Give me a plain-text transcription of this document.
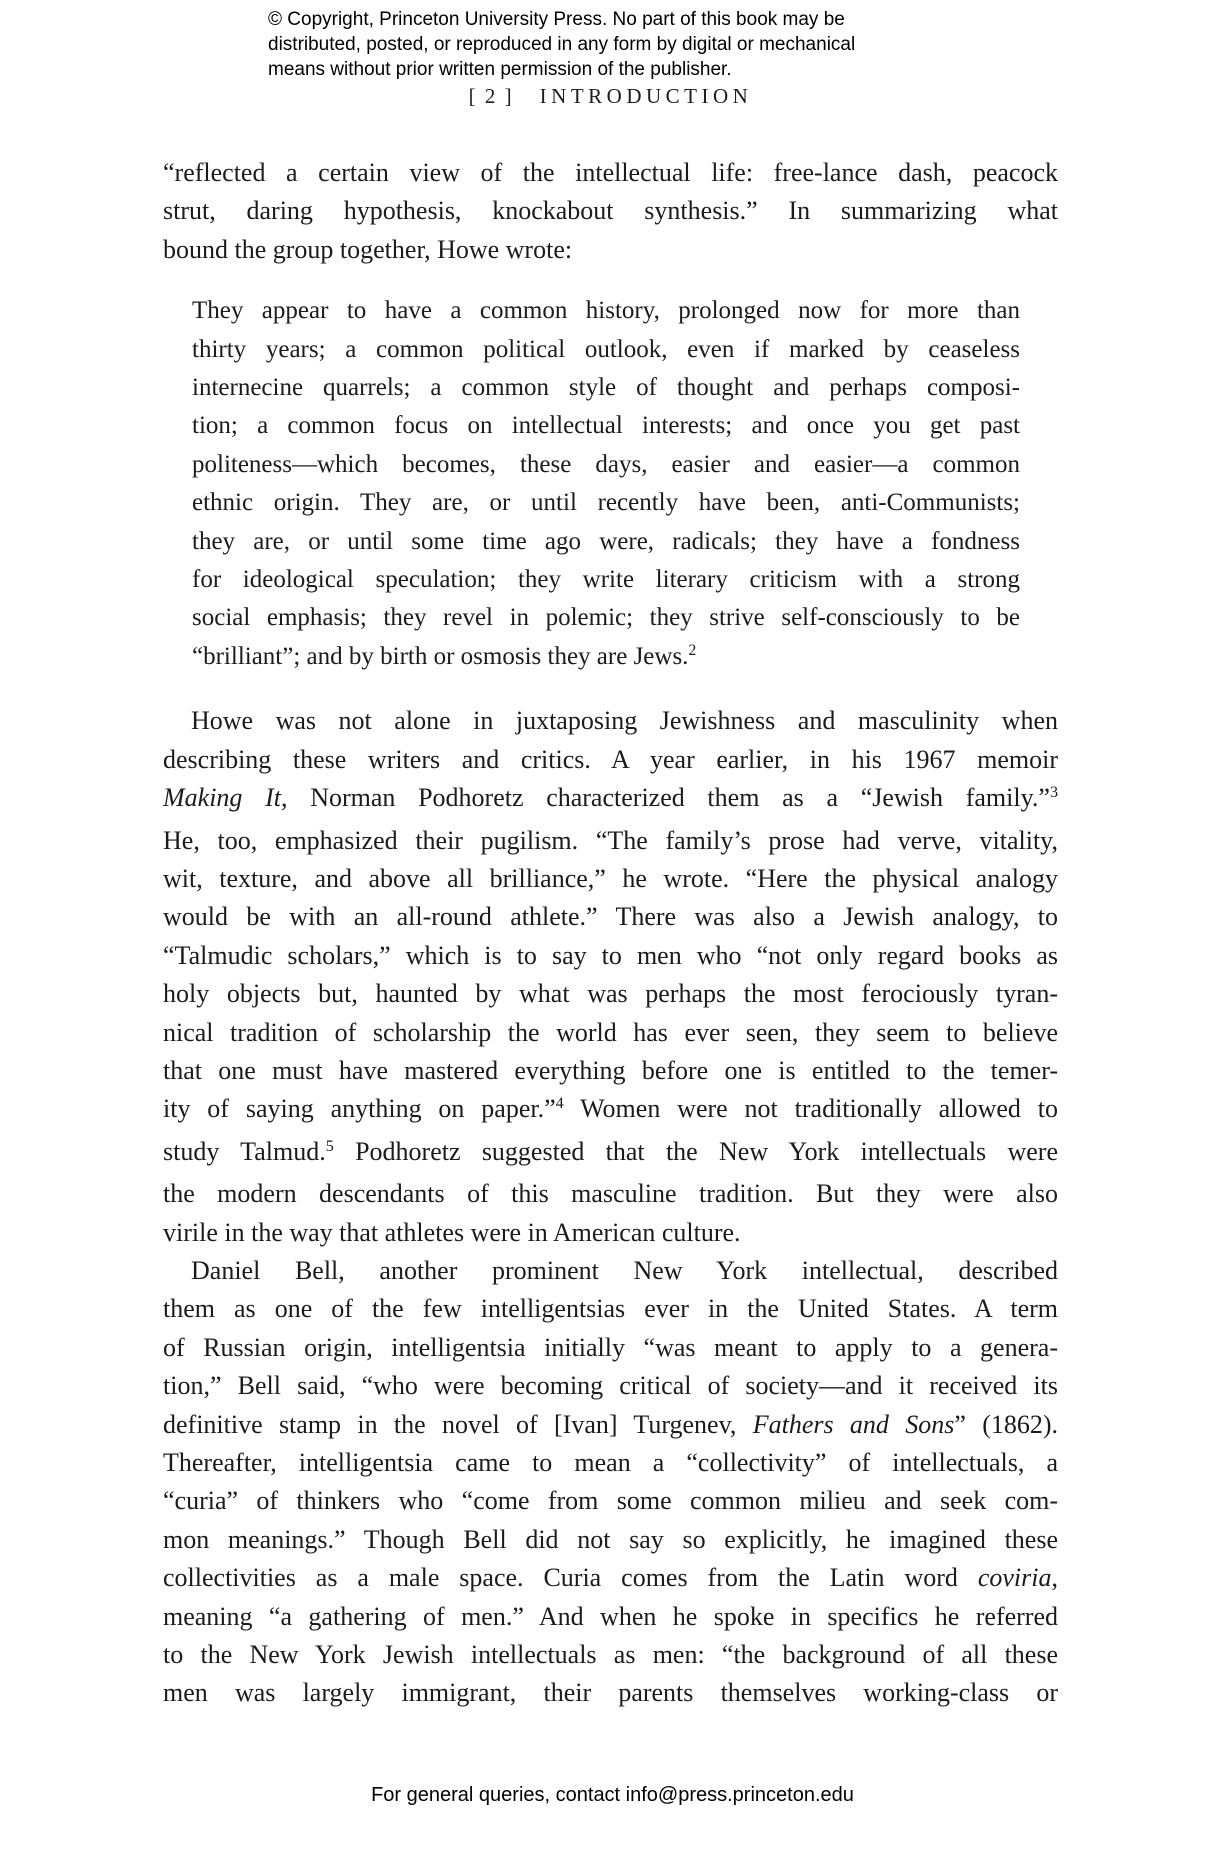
© Copyright, Princeton University Press. No part of this book may be
distributed, posted, or reproduced in any form by digital or mechanical
means without prior written permission of the publisher.
[ 2 ] INTRODUCTION
“reflected a certain view of the intellectual life: free-lance dash, peacock
strut, daring hypothesis, knockabout synthesis.” In summarizing what
bound the group together, Howe wrote:
They appear to have a common history, prolonged now for more than
thirty years; a common political outlook, even if marked by ceaseless
internecine quarrels; a common style of thought and perhaps composi-
tion; a common focus on intellectual interests; and once you get past
politeness—which becomes, these days, easier and easier—a common
ethnic origin. They are, or until recently have been, anti-Communists;
they are, or until some time ago were, radicals; they have a fondness
for ideological speculation; they write literary criticism with a strong
social emphasis; they revel in polemic; they strive self-consciously to be
“brilliant”; and by birth or osmosis they are Jews.$^2$
Howe was not alone in juxtaposing Jewishness and masculinity when
describing these writers and critics. A year earlier, in his 1967 memoir
Making It, Norman Podhoretz characterized them as a “Jewish family.”$^3$
He, too, emphasized their pugilism. “The family’s prose had verve, vitality,
wit, texture, and above all brilliance,” he wrote. “Here the physical analogy
would be with an all-round athlete.” There was also a Jewish analogy, to
“Talmudic scholars,” which is to say to men who “not only regard books as
holy objects but, haunted by what was perhaps the most ferociously tyran-
nical tradition of scholarship the world has ever seen, they seem to believe
that one must have mastered everything before one is entitled to the temer-
ity of saying anything on paper.”$^4$ Women were not traditionally allowed to
study Talmud.$^5$ Podhoretz suggested that the New York intellectuals were
the modern descendants of this masculine tradition. But they were also
virile in the way that athletes were in American culture.
Daniel Bell, another prominent New York intellectual, described
them as one of the few intelligentsias ever in the United States. A term
of Russian origin, intelligentsia initially “was meant to apply to a genera-
tion,” Bell said, “who were becoming critical of society—and it received its
definitive stamp in the novel of [Ivan] Turgenev, Fathers and Sons” (1862).
Thereafter, intelligentsia came to mean a “collectivity” of intellectuals, a
“curia” of thinkers who “come from some common milieu and seek com-
mon meanings.” Though Bell did not say so explicitly, he imagined these
collectivities as a male space. Curia comes from the Latin word coviria,
meaning “a gathering of men.” And when he spoke in specifics he referred
to the New York Jewish intellectuals as men: “the background of all these
men was largely immigrant, their parents themselves working-class or
For general queries, contact info@press.princeton.edu
